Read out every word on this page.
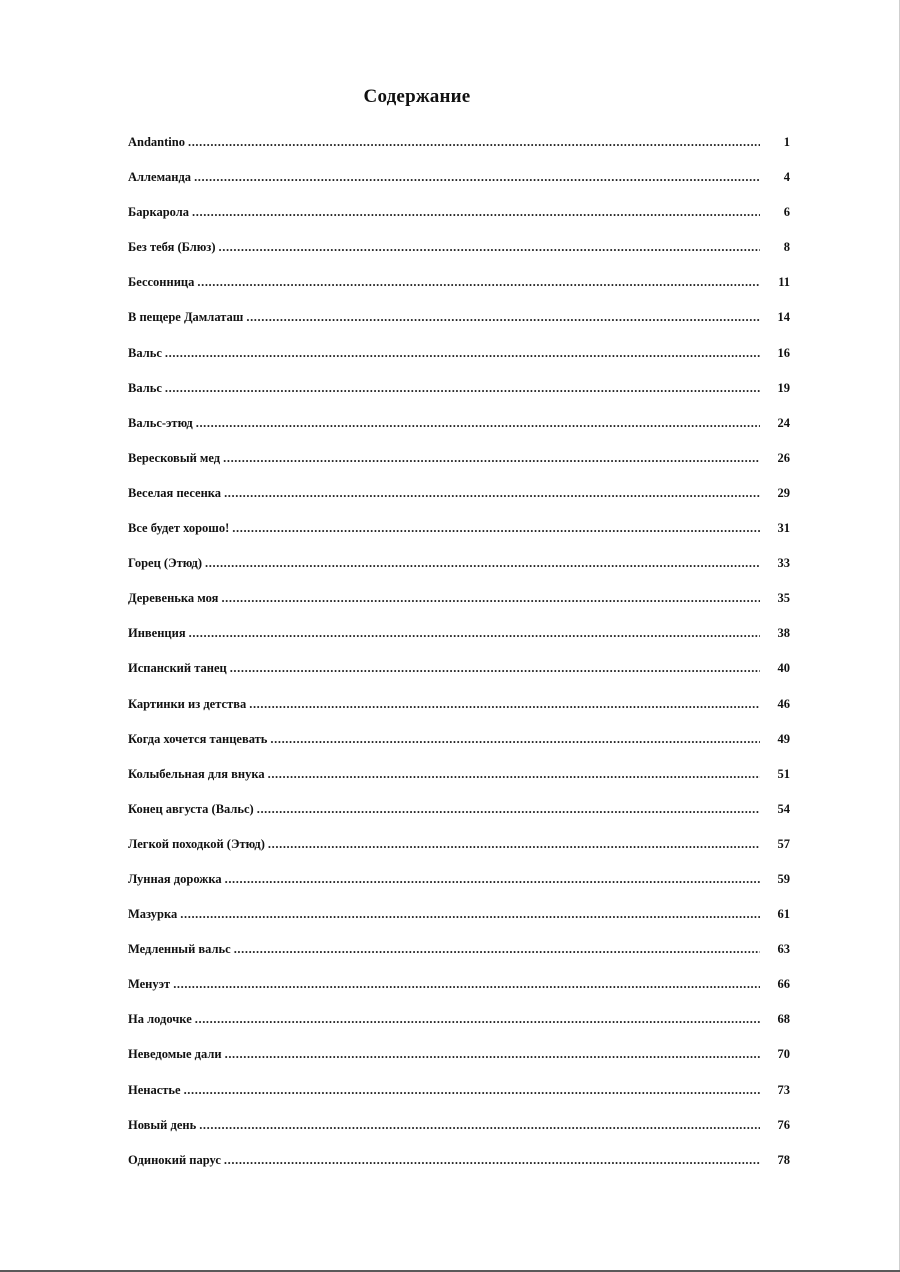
Содержание
Andantino .....	1
Аллеманда .....	4
Баркарола .....	6
Без тебя (Блюз) .....	8
Бессонница .....	11
В пещере Дамлаташ .....	14
Вальс .....	16
Вальс .....	19
Вальс-этюд .....	24
Вересковый мед .....	26
Веселая песенка .....	29
Все будет хорошо! .....	31
Горец (Этюд) .....	33
Деревенька моя .....	35
Инвенция .....	38
Испанский танец .....	40
Картинки из детства .....	46
Когда хочется танцевать .....	49
Колыбельная для внука .....	51
Конец августа (Вальс) .....	54
Легкой походкой (Этюд) .....	57
Лунная дорожка .....	59
Мазурка .....	61
Медленный вальс .....	63
Менуэт .....	66
На лодочке .....	68
Неведомые дали .....	70
Ненастье .....	73
Новый день .....	76
Одинокий парус .....	78
